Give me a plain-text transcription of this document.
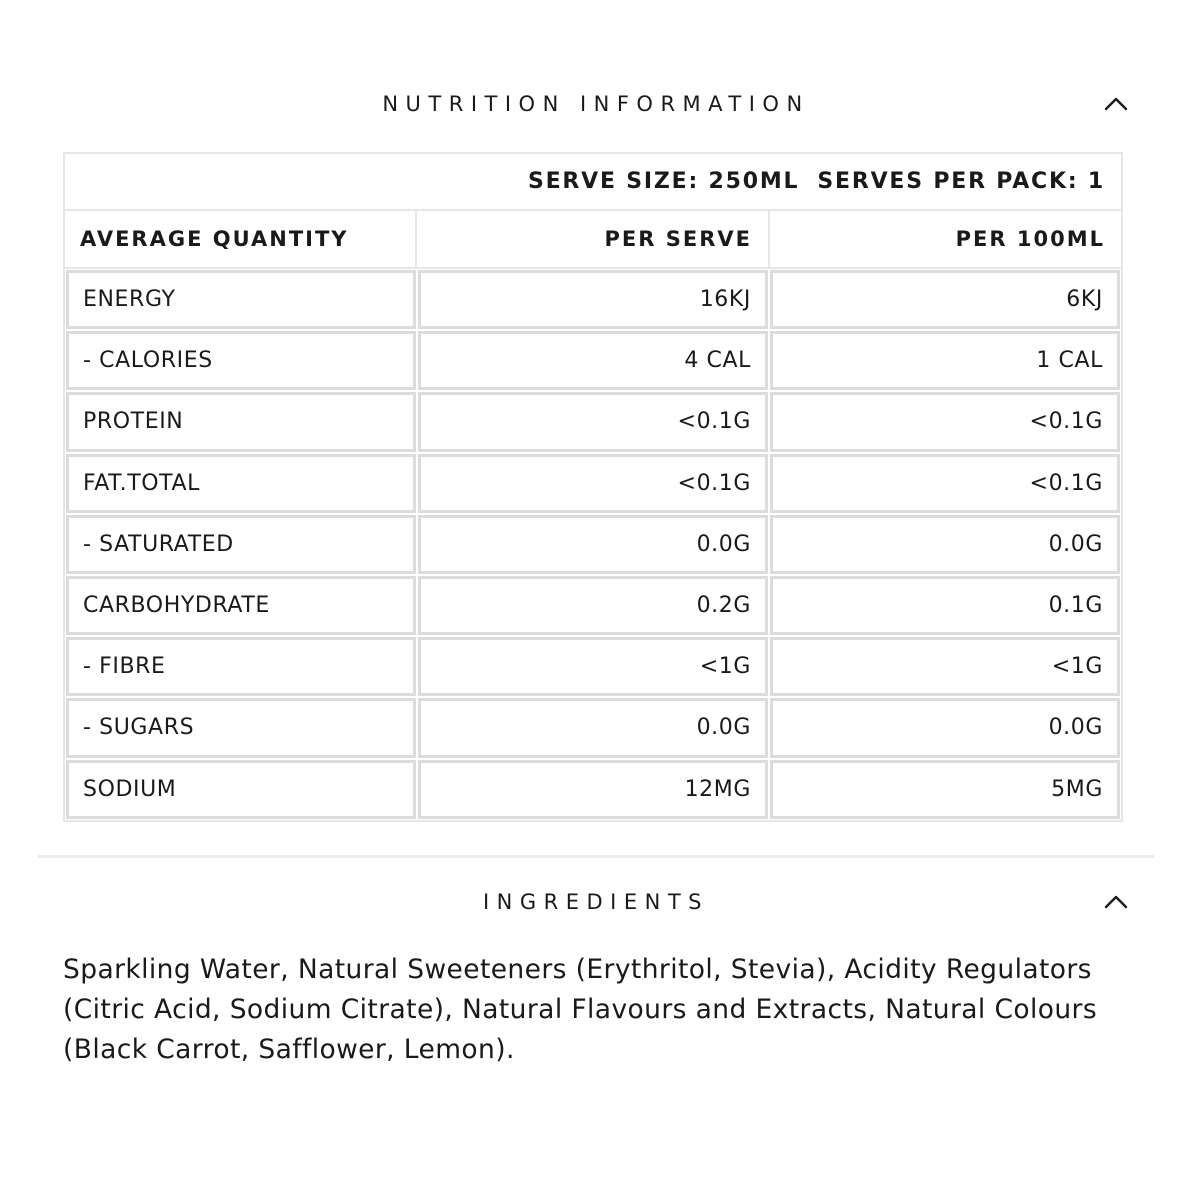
NUTRITION INFORMATION
SERVE SIZE: 250ML SERVES PER PACK: 1
AVERAGE QUANTITY	PER SERVE	PER 100ML
ENERGY	16KJ	6KJ
- CALORIES	4 CAL	1 CAL
PROTEIN	<0.1G	<0.1G
FAT.TOTAL	<0.1G	<0.1G
- SATURATED	0.0G	0.0G
CARBOHYDRATE	0.2G	0.1G
- FIBRE	<1G	<1G
- SUGARS	0.0G	0.0G
SODIUM	12MG	5MG
INGREDIENTS

Sparkling Water, Natural Sweeteners (Erythritol, Stevia), Acidity Regulators (Citric Acid, Sodium Citrate), Natural Flavours and Extracts, Natural Colours (Black Carrot, Safflower, Lemon).
